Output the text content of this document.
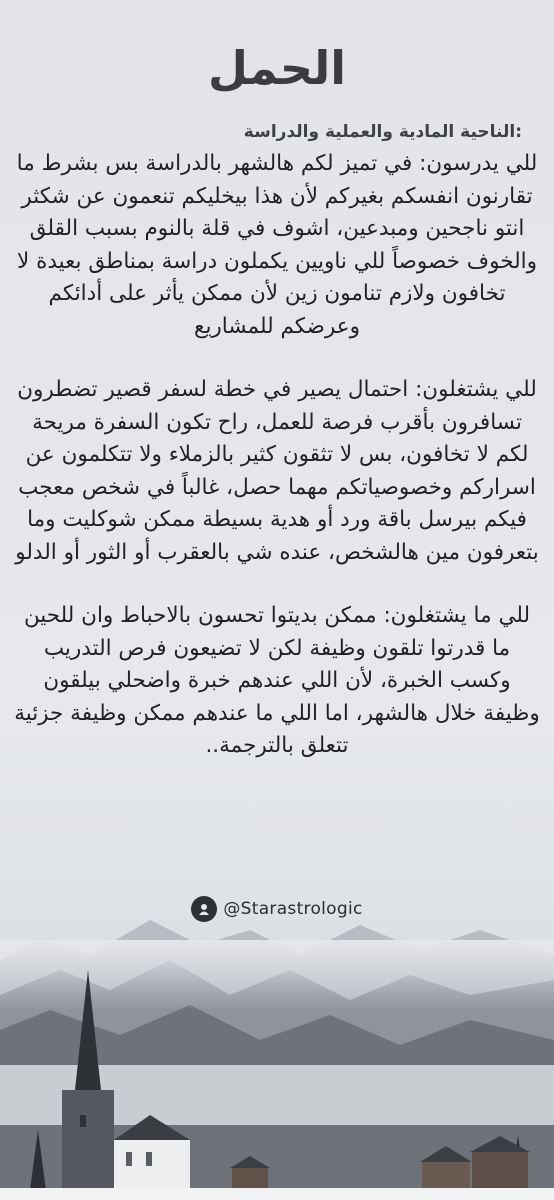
الحمل
:الناحية المادية والعملية والدراسة

للي يدرسون: في تميز لكم هالشهر بالدراسة بس بشرط ما تقارنون انفسكم بغيركم لأن هذا بيخليكم تنعمون عن شكثر انتو ناجحين ومبدعين، اشوف في قلة بالنوم بسبب القلق والخوف خصوصاً للي ناويين يكملون دراسة بمناطق بعيدة لا تخافون ولازم تنامون زين لأن ممكن يأثر على أدائكم وعرضكم للمشاريع

للي يشتغلون: احتمال يصير في خطة لسفر قصير تضطرون تسافرون بأقرب فرصة للعمل، راح تكون السفرة مريحة لكم لا تخافون، بس لا تثقون كثير بالزملاء ولا تتكلمون عن اسراركم وخصوصياتكم مهما حصل، غالباً في شخص معجب فيكم بيرسل باقة ورد أو هدية بسيطة ممكن شوكليت وما بتعرفون مين هالشخص، عنده شي بالعقرب أو الثور أو الدلو

للي ما يشتغلون: ممكن بديتوا تحسون بالاحباط وان للحين ما قدرتوا تلقون وظيفة لكن لا تضيعون فرص التدريب وكسب الخبرة، لأن اللي عندهم خبرة واضحلي بيلقون وظيفة خلال هالشهر، اما اللي ما عندهم ممكن وظيفة جزئية تتعلق بالترجمة..

@Starastrologic
